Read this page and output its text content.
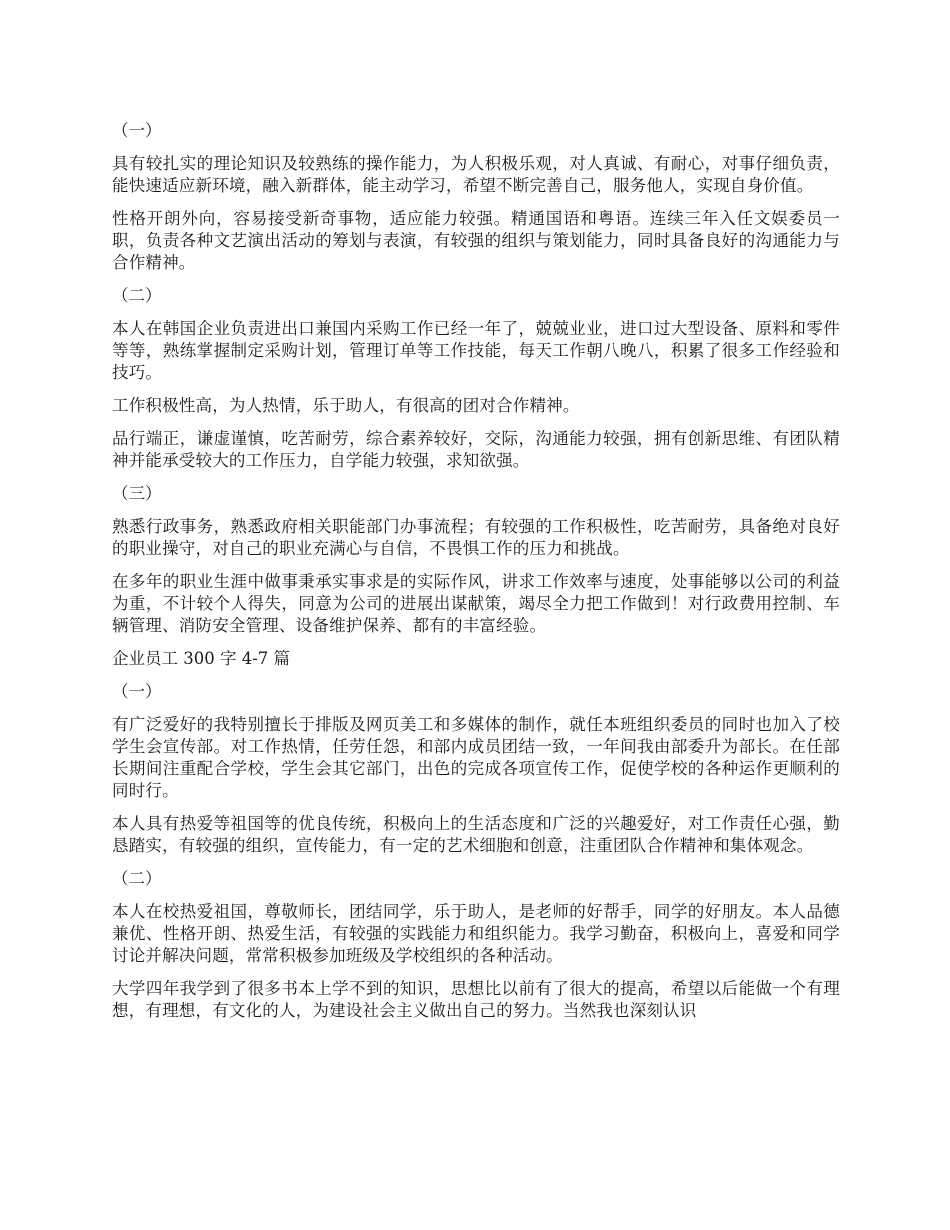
（一）
具有较扎实的理论知识及较熟练的操作能力，为人积极乐观，对人真诚、有耐心，对事仔细负责，能快速适应新环境，融入新群体，能主动学习，希望不断完善自己，服务他人，实现自身价值。
性格开朗外向，容易接受新奇事物，适应能力较强。精通国语和粤语。连续三年入任文娱委员一职，负责各种文艺演出活动的筹划与表演，有较强的组织与策划能力，同时具备良好的沟通能力与合作精神。
（二）
本人在韩国企业负责进出口兼国内采购工作已经一年了，兢兢业业，进口过大型设备、原料和零件等等，熟练掌握制定采购计划，管理订单等工作技能，每天工作朝八晚八，积累了很多工作经验和技巧。
工作积极性高，为人热情，乐于助人，有很高的团对合作精神。
品行端正，谦虚谨慎，吃苦耐劳，综合素养较好，交际，沟通能力较强，拥有创新思维、有团队精神并能承受较大的工作压力，自学能力较强，求知欲强。
（三）
熟悉行政事务，熟悉政府相关职能部门办事流程；有较强的工作积极性，吃苦耐劳，具备绝对良好的职业操守，对自己的职业充满心与自信，不畏惧工作的压力和挑战。
在多年的职业生涯中做事秉承实事求是的实际作风，讲求工作效率与速度，处事能够以公司的利益为重，不计较个人得失，同意为公司的进展出谋献策，竭尽全力把工作做到！对行政费用控制、车辆管理、消防安全管理、设备维护保养、都有的丰富经验。
企业员工 300 字 4-7 篇
（一）
有广泛爱好的我特别擅长于排版及网页美工和多媒体的制作，就任本班组织委员的同时也加入了校学生会宣传部。对工作热情，任劳任怨，和部内成员团结一致，一年间我由部委升为部长。在任部长期间注重配合学校，学生会其它部门，出色的完成各项宣传工作，促使学校的各种运作更顺利的同时行。
本人具有热爱等祖国等的优良传统，积极向上的生活态度和广泛的兴趣爱好，对工作责任心强，勤恳踏实，有较强的组织，宣传能力，有一定的艺术细胞和创意，注重团队合作精神和集体观念。
（二）
本人在校热爱祖国，尊敬师长，团结同学，乐于助人，是老师的好帮手，同学的好朋友。本人品德兼优、性格开朗、热爱生活，有较强的实践能力和组织能力。我学习勤奋，积极向上，喜爱和同学讨论并解决问题，常常积极参加班级及学校组织的各种活动。
大学四年我学到了很多书本上学不到的知识，思想比以前有了很大的提高，希望以后能做一个有理想，有理想，有文化的人，为建设社会主义做出自己的努力。当然我也深刻认识
